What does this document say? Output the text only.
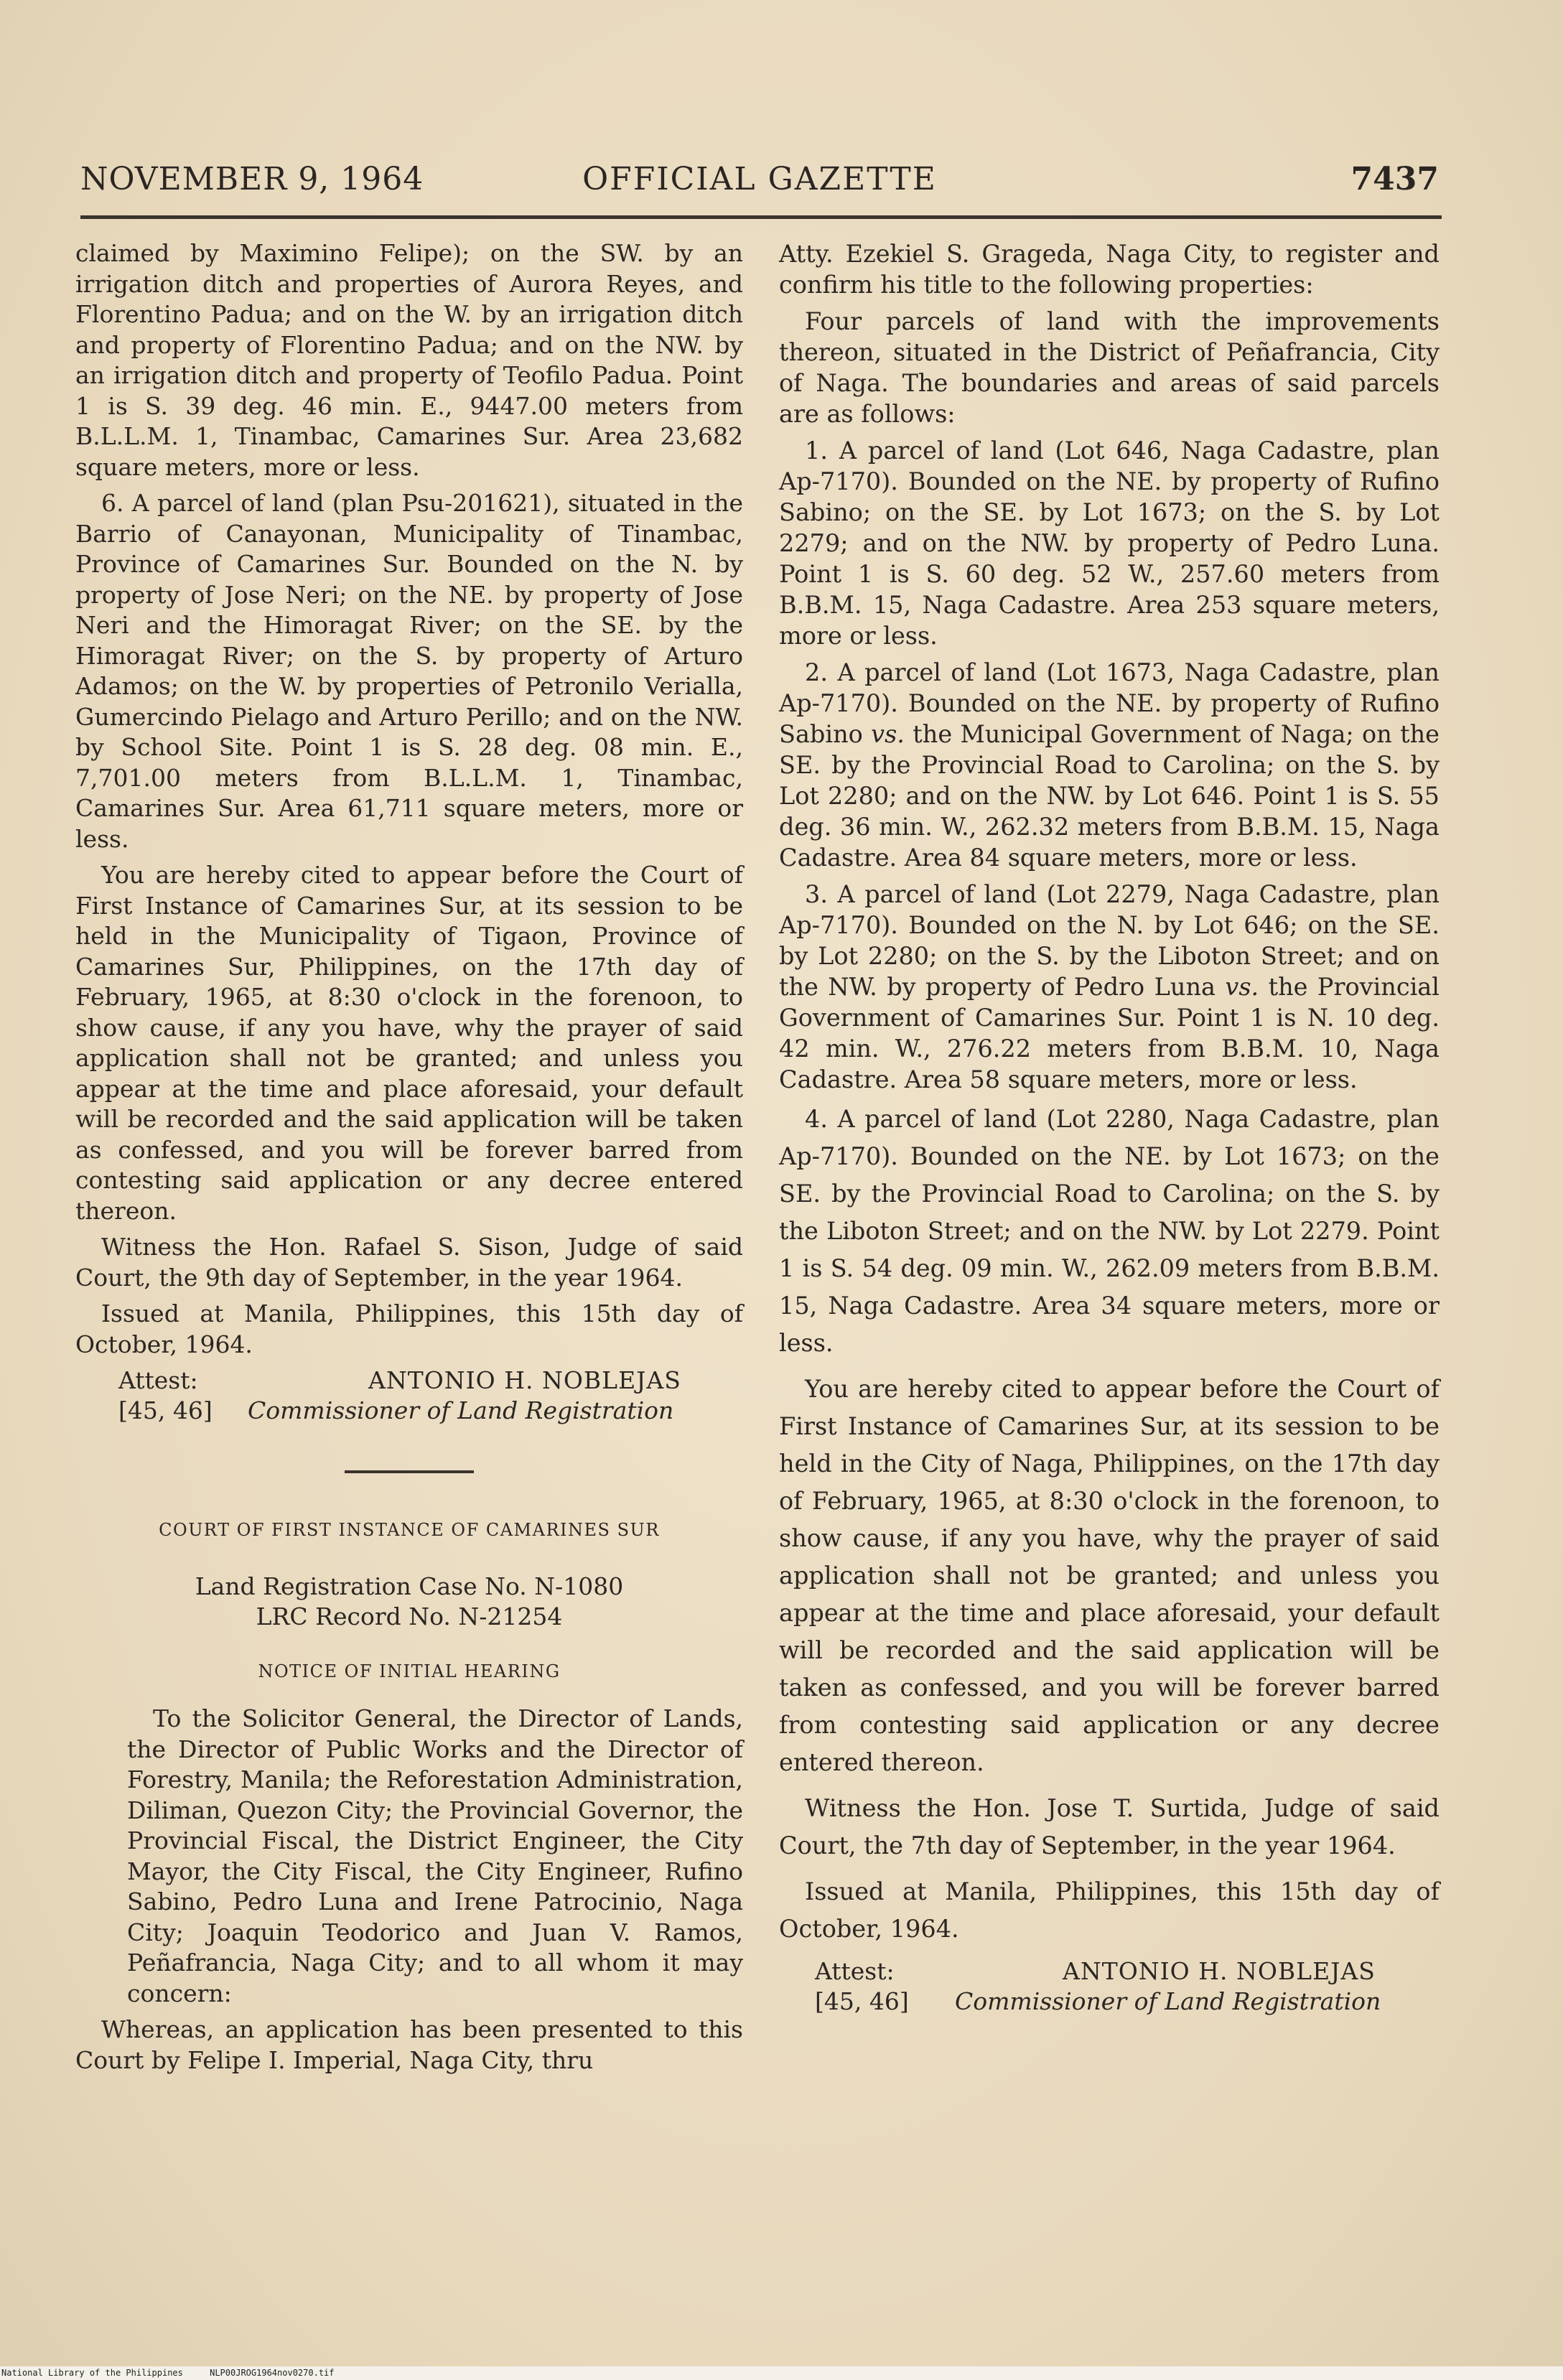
NOVEMBER 9, 1964	OFFICIAL GAZETTE	7437

claimed by Maximino Felipe); on the SW. by an irrigation ditch and properties of Aurora Reyes, and Florentino Padua; and on the W. by an irrigation ditch and property of Florentino Padua; and on the NW. by an irrigation ditch and property of Teofilo Padua. Point 1 is S. 39 deg. 46 min. E., 9447.00 meters from B.L.L.M. 1, Tinambac, Camarines Sur. Area 23,682 square meters, more or less.

6. A parcel of land (plan Psu-201621), situated in the Barrio of Canayonan, Municipality of Tinambac, Province of Camarines Sur. Bounded on the N. by property of Jose Neri; on the NE. by property of Jose Neri and the Himoragat River; on the SE. by the Himoragat River; on the S. by property of Arturo Adamos; on the W. by properties of Petronilo Verialla, Gumercindo Pielago and Arturo Perillo; and on the NW. by School Site. Point 1 is S. 28 deg. 08 min. E., 7,701.00 meters from B.L.L.M. 1, Tinambac, Camarines Sur. Area 61,711 square meters, more or less.

You are hereby cited to appear before the Court of First Instance of Camarines Sur, at its session to be held in the Municipality of Tigaon, Province of Camarines Sur, Philippines, on the 17th day of February, 1965, at 8:30 o'clock in the forenoon, to show cause, if any you have, why the prayer of said application shall not be granted; and unless you appear at the time and place aforesaid, your default will be recorded and the said application will be taken as confessed, and you will be forever barred from contesting said application or any decree entered thereon.

Witness the Hon. Rafael S. Sison, Judge of said Court, the 9th day of September, in the year 1964.

Issued at Manila, Philippines, this 15th day of October, 1964.

Attest:	ANTONIO H. NOBLEJAS
[45, 46] Commissioner of Land Registration
COURT OF FIRST INSTANCE OF CAMARINES SUR
Land Registration Case No. N-1080
LRC Record No. N-21254
NOTICE OF INITIAL HEARING

To the Solicitor General, the Director of Lands, the Director of Public Works and the Director of Forestry, Manila; the Reforestation Administration, Diliman, Quezon City; the Provincial Governor, the Provincial Fiscal, the District Engineer, the City Mayor, the City Fiscal, the City Engineer, Rufino Sabino, Pedro Luna and Irene Patrocinio, Naga City; Joaquin Teodorico and Juan V. Ramos, Peñafrancia, Naga City; and to all whom it may concern:

Whereas, an application has been presented to this Court by Felipe I. Imperial, Naga City, thru

Atty. Ezekiel S. Grageda, Naga City, to register and confirm his title to the following properties:

Four parcels of land with the improvements thereon, situated in the District of Peñafrancia, City of Naga. The boundaries and areas of said parcels are as follows:

1. A parcel of land (Lot 646, Naga Cadastre, plan Ap-7170). Bounded on the NE. by property of Rufino Sabino; on the SE. by Lot 1673; on the S. by Lot 2279; and on the NW. by property of Pedro Luna. Point 1 is S. 60 deg. 52 W., 257.60 meters from B.B.M. 15, Naga Cadastre. Area 253 square meters, more or less.

2. A parcel of land (Lot 1673, Naga Cadastre, plan Ap-7170). Bounded on the NE. by property of Rufino Sabino vs. the Municipal Government of Naga; on the SE. by the Provincial Road to Carolina; on the S. by Lot 2280; and on the NW. by Lot 646. Point 1 is S. 55 deg. 36 min. W., 262.32 meters from B.B.M. 15, Naga Cadastre. Area 84 square meters, more or less.

3. A parcel of land (Lot 2279, Naga Cadastre, plan Ap-7170). Bounded on the N. by Lot 646; on the SE. by Lot 2280; on the S. by the Liboton Street; and on the NW. by property of Pedro Luna vs. the Provincial Government of Camarines Sur. Point 1 is N. 10 deg. 42 min. W., 276.22 meters from B.B.M. 10, Naga Cadastre. Area 58 square meters, more or less.

4. A parcel of land (Lot 2280, Naga Cadastre, plan Ap-7170). Bounded on the NE. by Lot 1673; on the SE. by the Provincial Road to Carolina; on the S. by the Liboton Street; and on the NW. by Lot 2279. Point 1 is S. 54 deg. 09 min. W., 262.09 meters from B.B.M. 15, Naga Cadastre. Area 34 square meters, more or less.

You are hereby cited to appear before the Court of First Instance of Camarines Sur, at its session to be held in the City of Naga, Philippines, on the 17th day of February, 1965, at 8:30 o'clock in the forenoon, to show cause, if any you have, why the prayer of said application shall not be granted; and unless you appear at the time and place aforesaid, your default will be recorded and the said application will be taken as confessed, and you will be forever barred from contesting said application or any decree entered thereon.

Witness the Hon. Jose T. Surtida, Judge of said Court, the 7th day of September, in the year 1964.

Issued at Manila, Philippines, this 15th day of October, 1964.

Attest:	ANTONIO H. NOBLEJAS
[45, 46] Commissioner of Land Registration
National Library of the Philippines	NLP00JROG1964nov0270.tif
